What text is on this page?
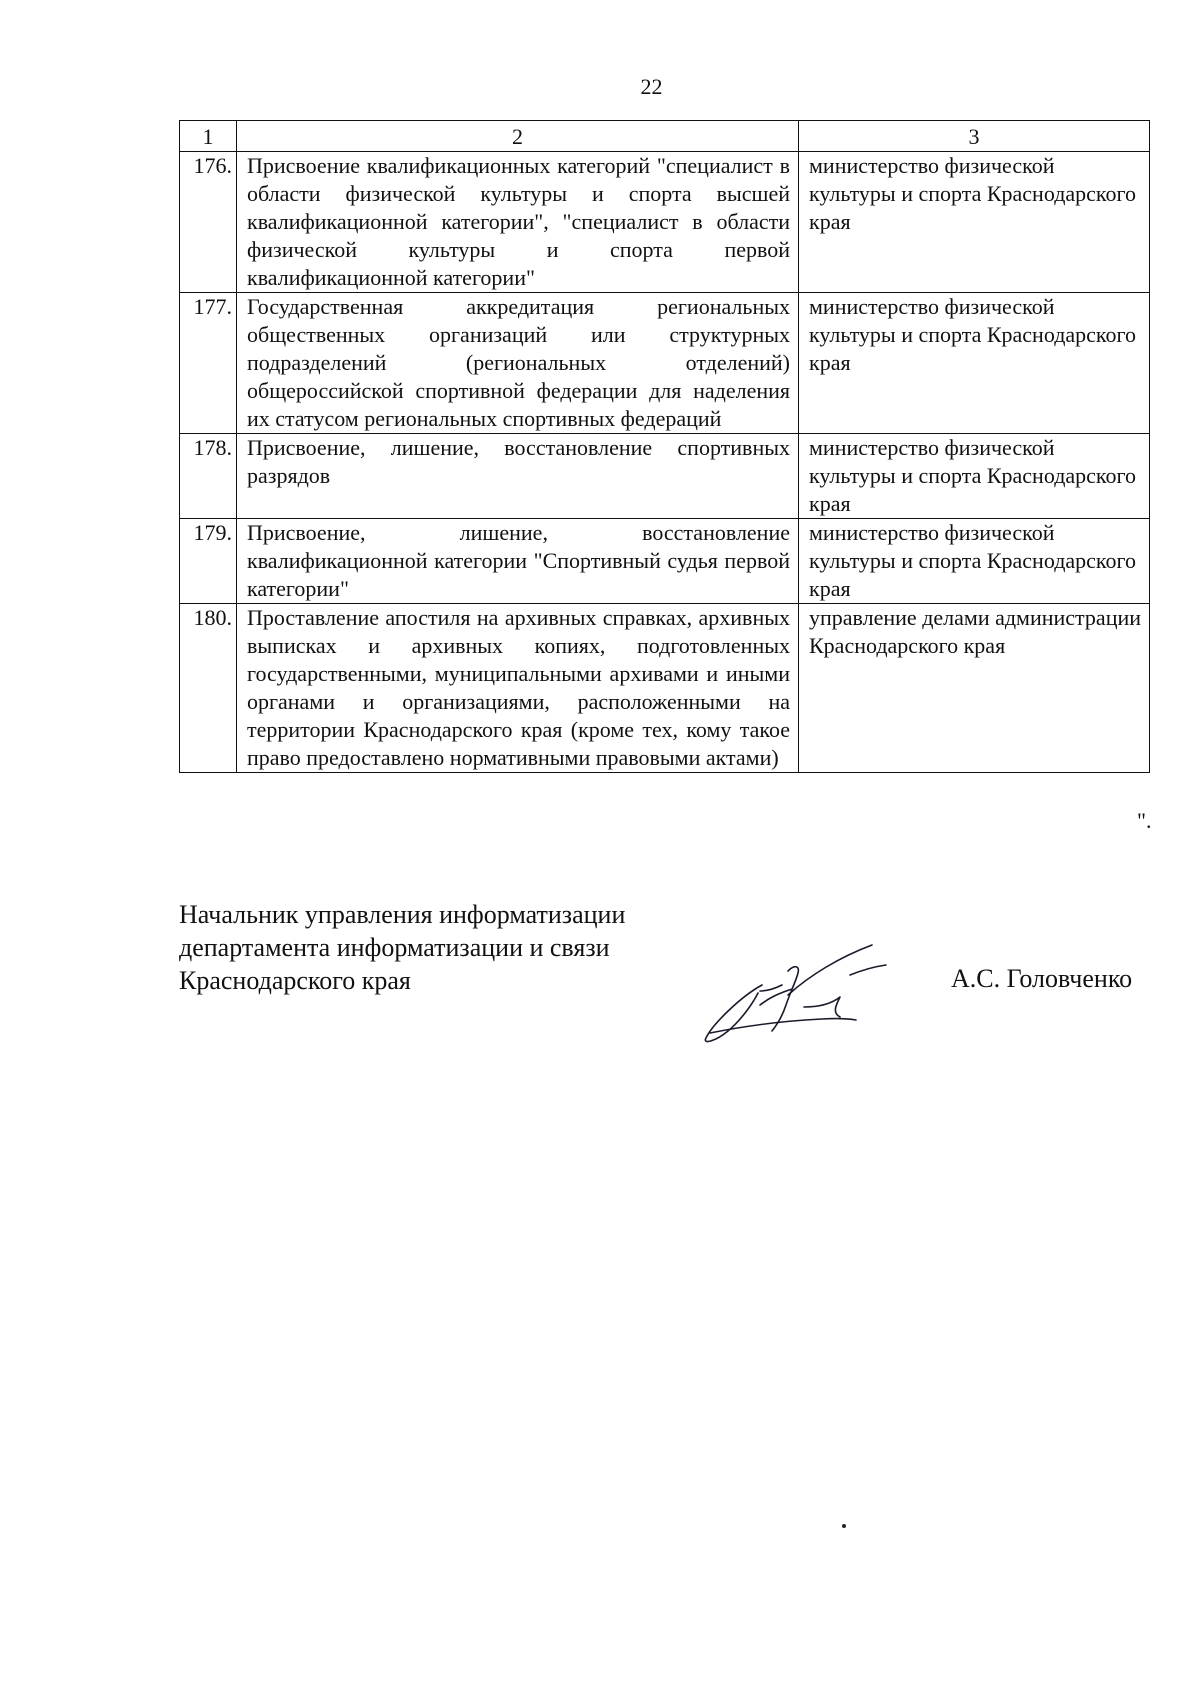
22
1	2	3
176.	Присвоение квалификационных категорий "специалист в области физической культуры и спорта высшей квалификационной категории", "специалист в области физической культуры и спорта первой квалификационной категории"	министерство физической культуры и спорта Краснодарского края
177.	Государственная аккредитация региональных общественных организаций или структурных подразделений (региональных отделений) общероссийской спортивной федерации для наделения их статусом региональных спортивных федераций	министерство физической культуры и спорта Краснодарского края
178.	Присвоение, лишение, восстановление спортивных разрядов	министерство физической культуры и спорта Краснодарского края
179.	Присвоение, лишение, восстановление квалификационной категории "Спортивный судья первой категории"	министерство физической культуры и спорта Краснодарского края
180.	Проставление апостиля на архивных справках, архивных выписках и архивных копиях, подготовленных государственными, муниципальными архивами и иными органами и организациями, расположенными на территории Краснодарского края (кроме тех, кому такое право предоставлено нормативными правовыми актами)	управление делами администрации Краснодарского края
".
Начальник управления информатизации
департамента информатизации и связи
Краснодарского края	А.С. Головченко
